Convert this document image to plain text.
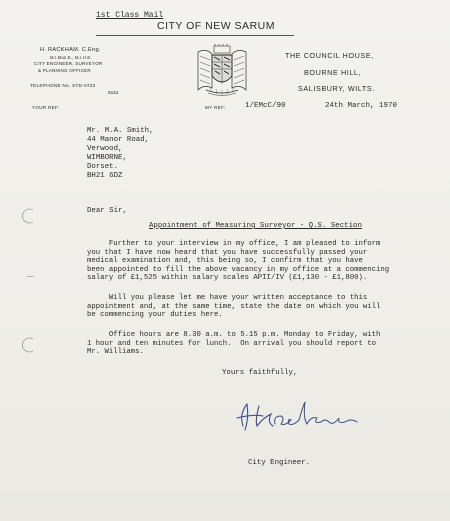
1st Class Mail
CITY OF NEW SARUM
H. RACKHAM. C.Eng.
M.I.Mun.E., M.I.H.E.
CITY ENGINEER, SURVEYOR
& PLANNING OFFICER
TELEPHONE No. STD-0722
8151
YOUR REF:	MY REF:	1/EMcC/90	24th March, 1970
THE COUNCIL HOUSE,
BOURNE HILL,
SALISBURY, WILTS.
Mr. M.A. Smith,
44 Manor Road,
Verwood,
WIMBORNE,
Dorset.
BH21 6DZ
Dear Sir,
Appointment of Measuring Surveyor - Q.S. Section
Further to your interview in my office, I am pleased to inform
you that I have now heard that you have successfully passed your
medical examination and, this being so, I confirm that you have
been appointed to fill the above vacancy in my office at a commencing
salary of £1,525 within salary scales APII/IV (£1,130 - £1,800).
Will you please let me have your written acceptance to this
appointment and, at the same time, state the date on which you will
be commencing your duties here.
Office hours are 8.30 a.m. to 5.15 p.m. Monday to Friday, with
1 hour and ten minutes for lunch.  On arrival you should report to
Mr. Williams.
Yours faithfully,
City Engineer.
